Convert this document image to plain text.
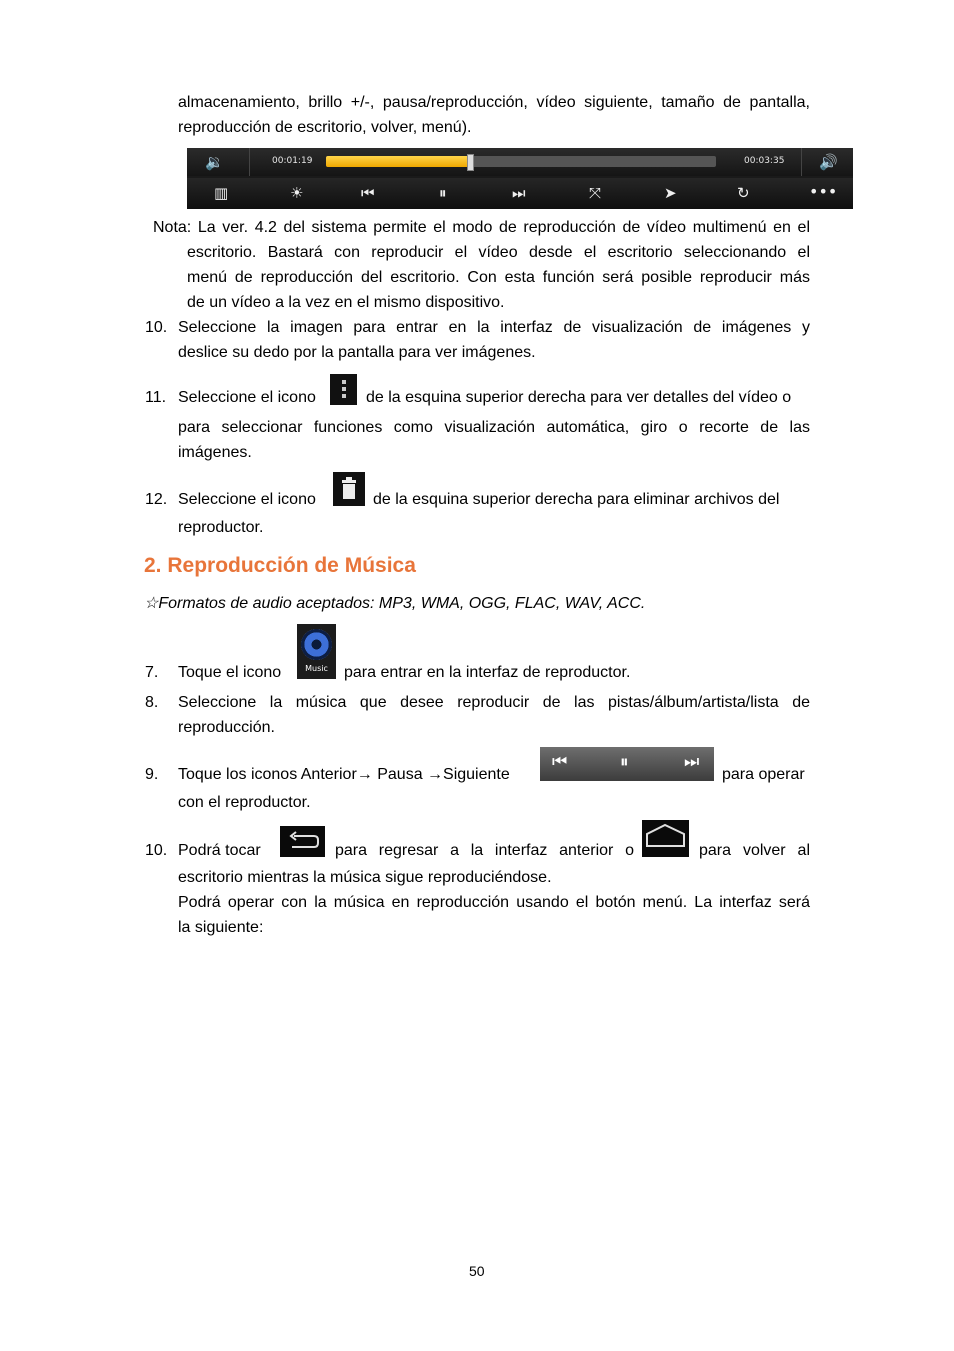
almacenamiento, brillo +/-, pausa/reproducción, vídeo siguiente, tamaño de pantalla,
reproducción de escritorio, volver, menú).
🔉	00:01:19	00:03:35 🔊
▥	☀	⏮	⏸	⏭	⤧	➤	↻	•••
Nota: La ver. 4.2 del sistema permite el modo de reproducción de vídeo multimenú en el
escritorio. Bastará con reproducir el vídeo desde el escritorio seleccionando el
menú de reproducción del escritorio. Con esta función será posible reproducir más
de un vídeo a la vez en el mismo dispositivo.
10. Seleccione la imagen para entrar en la interfaz de visualización de imágenes y
deslice su dedo por la pantalla para ver imágenes.
11. Seleccione el icono	de la esquina superior derecha para ver detalles del vídeo o
para seleccionar funciones como visualización automática, giro o recorte de las
imágenes.
12. Seleccione el icono	de la esquina superior derecha para eliminar archivos del
reproductor.
2. Reproducción de Música
☆Formatos de audio aceptados: MP3, WMA, OGG, FLAC, WAV, ACC.
7. Toque el icono	Music	para entrar en la interfaz de reproductor.
8. Seleccione la música que desee reproducir de las pistas/álbum/artista/lista de
reproducción.
9. Toque los iconos Anterior→ Pausa →Siguiente
⏮	⏸	⏭
para operar
con el reproductor.
10. Podrá tocar	para regresar a la interfaz anterior o	para volver al
escritorio mientras la música sigue reproduciéndose.
Podrá operar con la música en reproducción usando el botón menú. La interfaz será
la siguiente:
50
